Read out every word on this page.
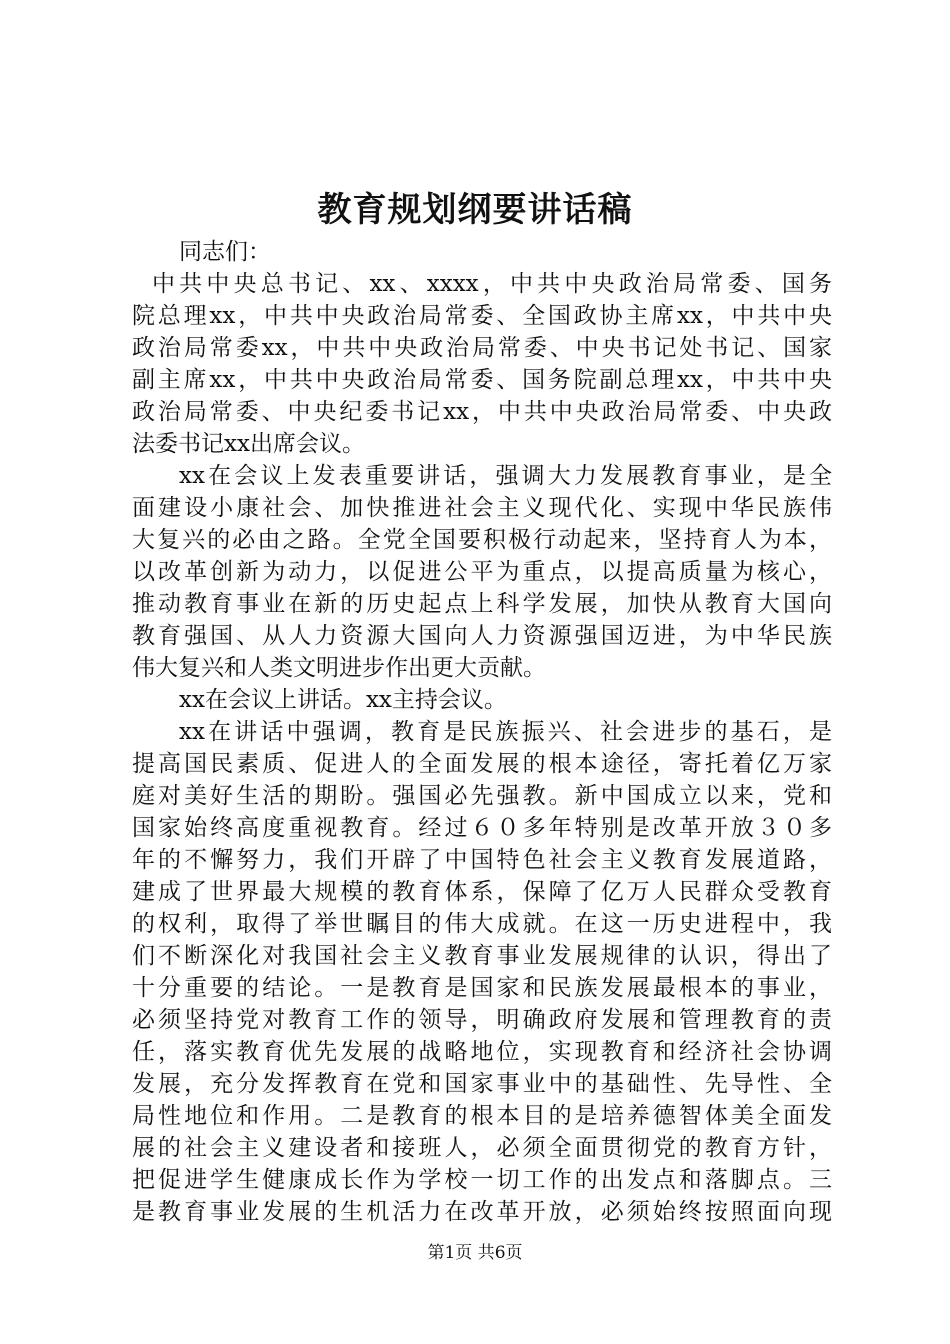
教育规划纲要讲话稿
同志们：
中共中央总书记、xx、xxxx，中共中央政治局常委、国务
院总理xx，中共中央政治局常委、全国政协主席xx，中共中央
政治局常委xx，中共中央政治局常委、中央书记处书记、国家
副主席xx，中共中央政治局常委、国务院副总理xx，中共中央
政治局常委、中央纪委书记xx，中共中央政治局常委、中央政
法委书记xx出席会议。
xx在会议上发表重要讲话，强调大力发展教育事业，是全
面建设小康社会、加快推进社会主义现代化、实现中华民族伟
大复兴的必由之路。全党全国要积极行动起来，坚持育人为本，
以改革创新为动力，以促进公平为重点，以提高质量为核心，
推动教育事业在新的历史起点上科学发展，加快从教育大国向
教育强国、从人力资源大国向人力资源强国迈进，为中华民族
伟大复兴和人类文明进步作出更大贡献。
xx在会议上讲话。xx主持会议。
xx在讲话中强调，教育是民族振兴、社会进步的基石，是
提高国民素质、促进人的全面发展的根本途径，寄托着亿万家
庭对美好生活的期盼。强国必先强教。新中国成立以来，党和
国家始终高度重视教育。经过６０多年特别是改革开放３０多
年的不懈努力，我们开辟了中国特色社会主义教育发展道路，
建成了世界最大规模的教育体系，保障了亿万人民群众受教育
的权利，取得了举世瞩目的伟大成就。在这一历史进程中，我
们不断深化对我国社会主义教育事业发展规律的认识，得出了
十分重要的结论。一是教育是国家和民族发展最根本的事业，
必须坚持党对教育工作的领导，明确政府发展和管理教育的责
任，落实教育优先发展的战略地位，实现教育和经济社会协调
发展，充分发挥教育在党和国家事业中的基础性、先导性、全
局性地位和作用。二是教育的根本目的是培养德智体美全面发
展的社会主义建设者和接班人，必须全面贯彻党的教育方针，
把促进学生健康成长作为学校一切工作的出发点和落脚点。三
是教育事业发展的生机活力在改革开放，必须始终按照面向现
第1页 共6页
